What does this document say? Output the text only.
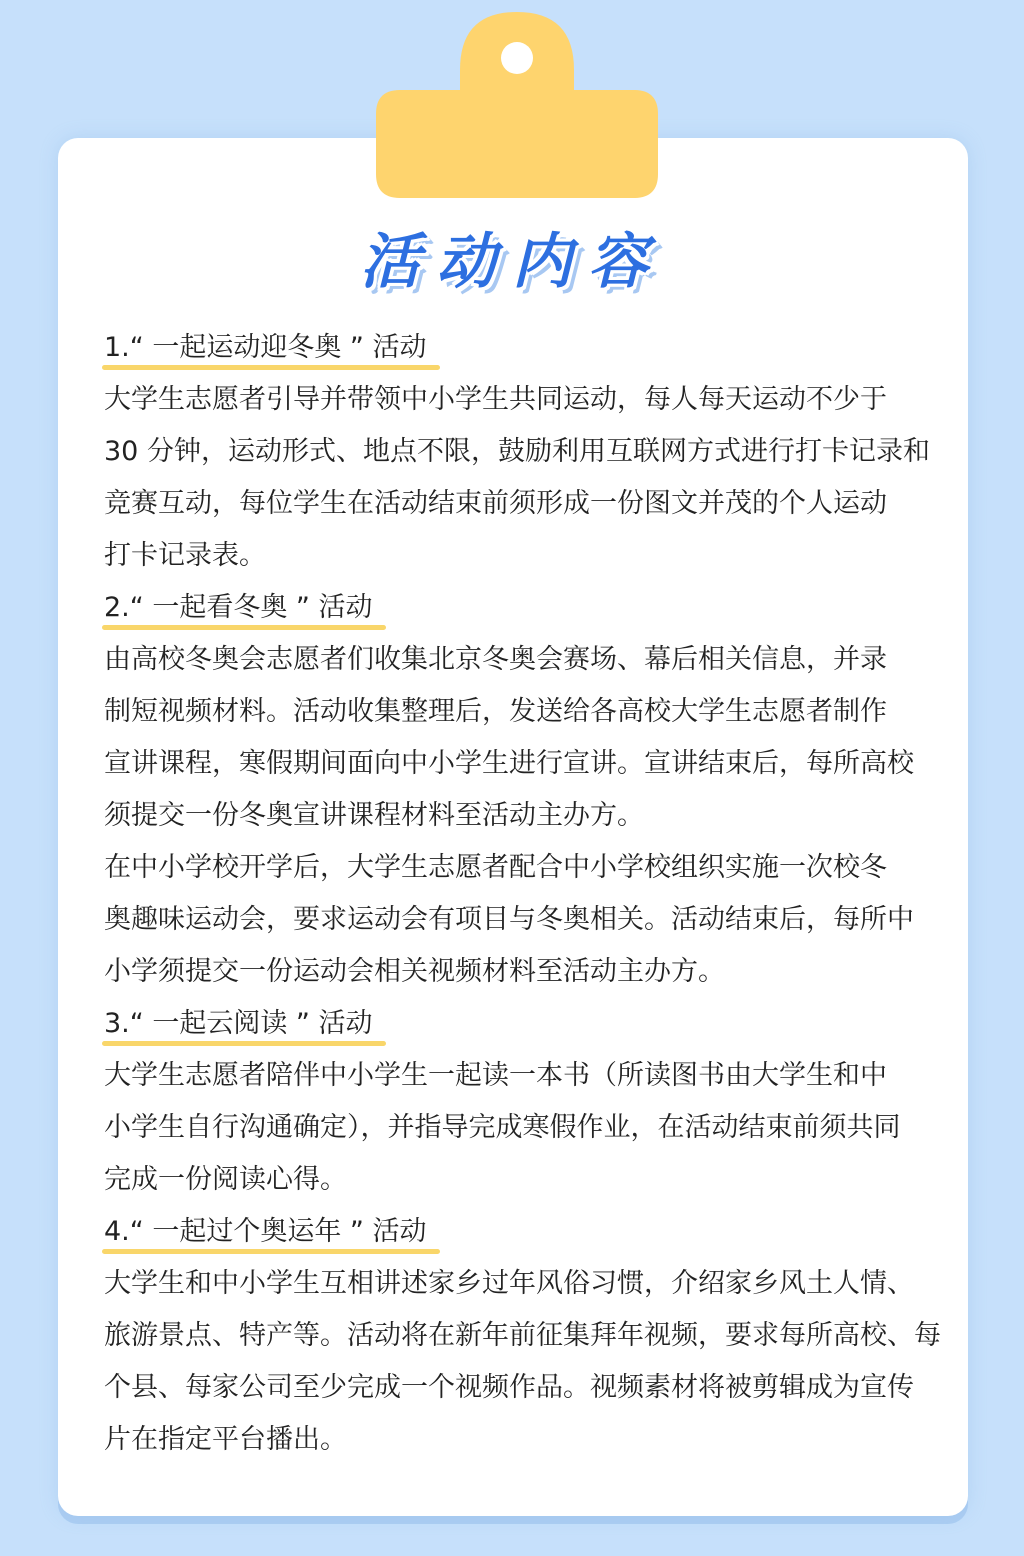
活动内容
1.“ 一起运动迎冬奥 ” 活动

大学生志愿者引导并带领中小学生共同运动，每人每天运动不少于
30 分钟，运动形式、地点不限，鼓励利用互联网方式进行打卡记录和
竞赛互动，每位学生在活动结束前须形成一份图文并茂的个人运动
打卡记录表。

2.“ 一起看冬奥 ” 活动

由高校冬奥会志愿者们收集北京冬奥会赛场、幕后相关信息，并录
制短视频材料。活动收集整理后，发送给各高校大学生志愿者制作
宣讲课程，寒假期间面向中小学生进行宣讲。宣讲结束后，每所高校
须提交一份冬奥宣讲课程材料至活动主办方。

在中小学校开学后，大学生志愿者配合中小学校组织实施一次校冬
奥趣味运动会，要求运动会有项目与冬奥相关。活动结束后，每所中
小学须提交一份运动会相关视频材料至活动主办方。

3.“ 一起云阅读 ” 活动

大学生志愿者陪伴中小学生一起读一本书（所读图书由大学生和中
小学生自行沟通确定），并指导完成寒假作业，在活动结束前须共同
完成一份阅读心得。

4.“ 一起过个奥运年 ” 活动

大学生和中小学生互相讲述家乡过年风俗习惯，介绍家乡风土人情、
旅游景点、特产等。活动将在新年前征集拜年视频，要求每所高校、每
个县、每家公司至少完成一个视频作品。视频素材将被剪辑成为宣传
片在指定平台播出。
